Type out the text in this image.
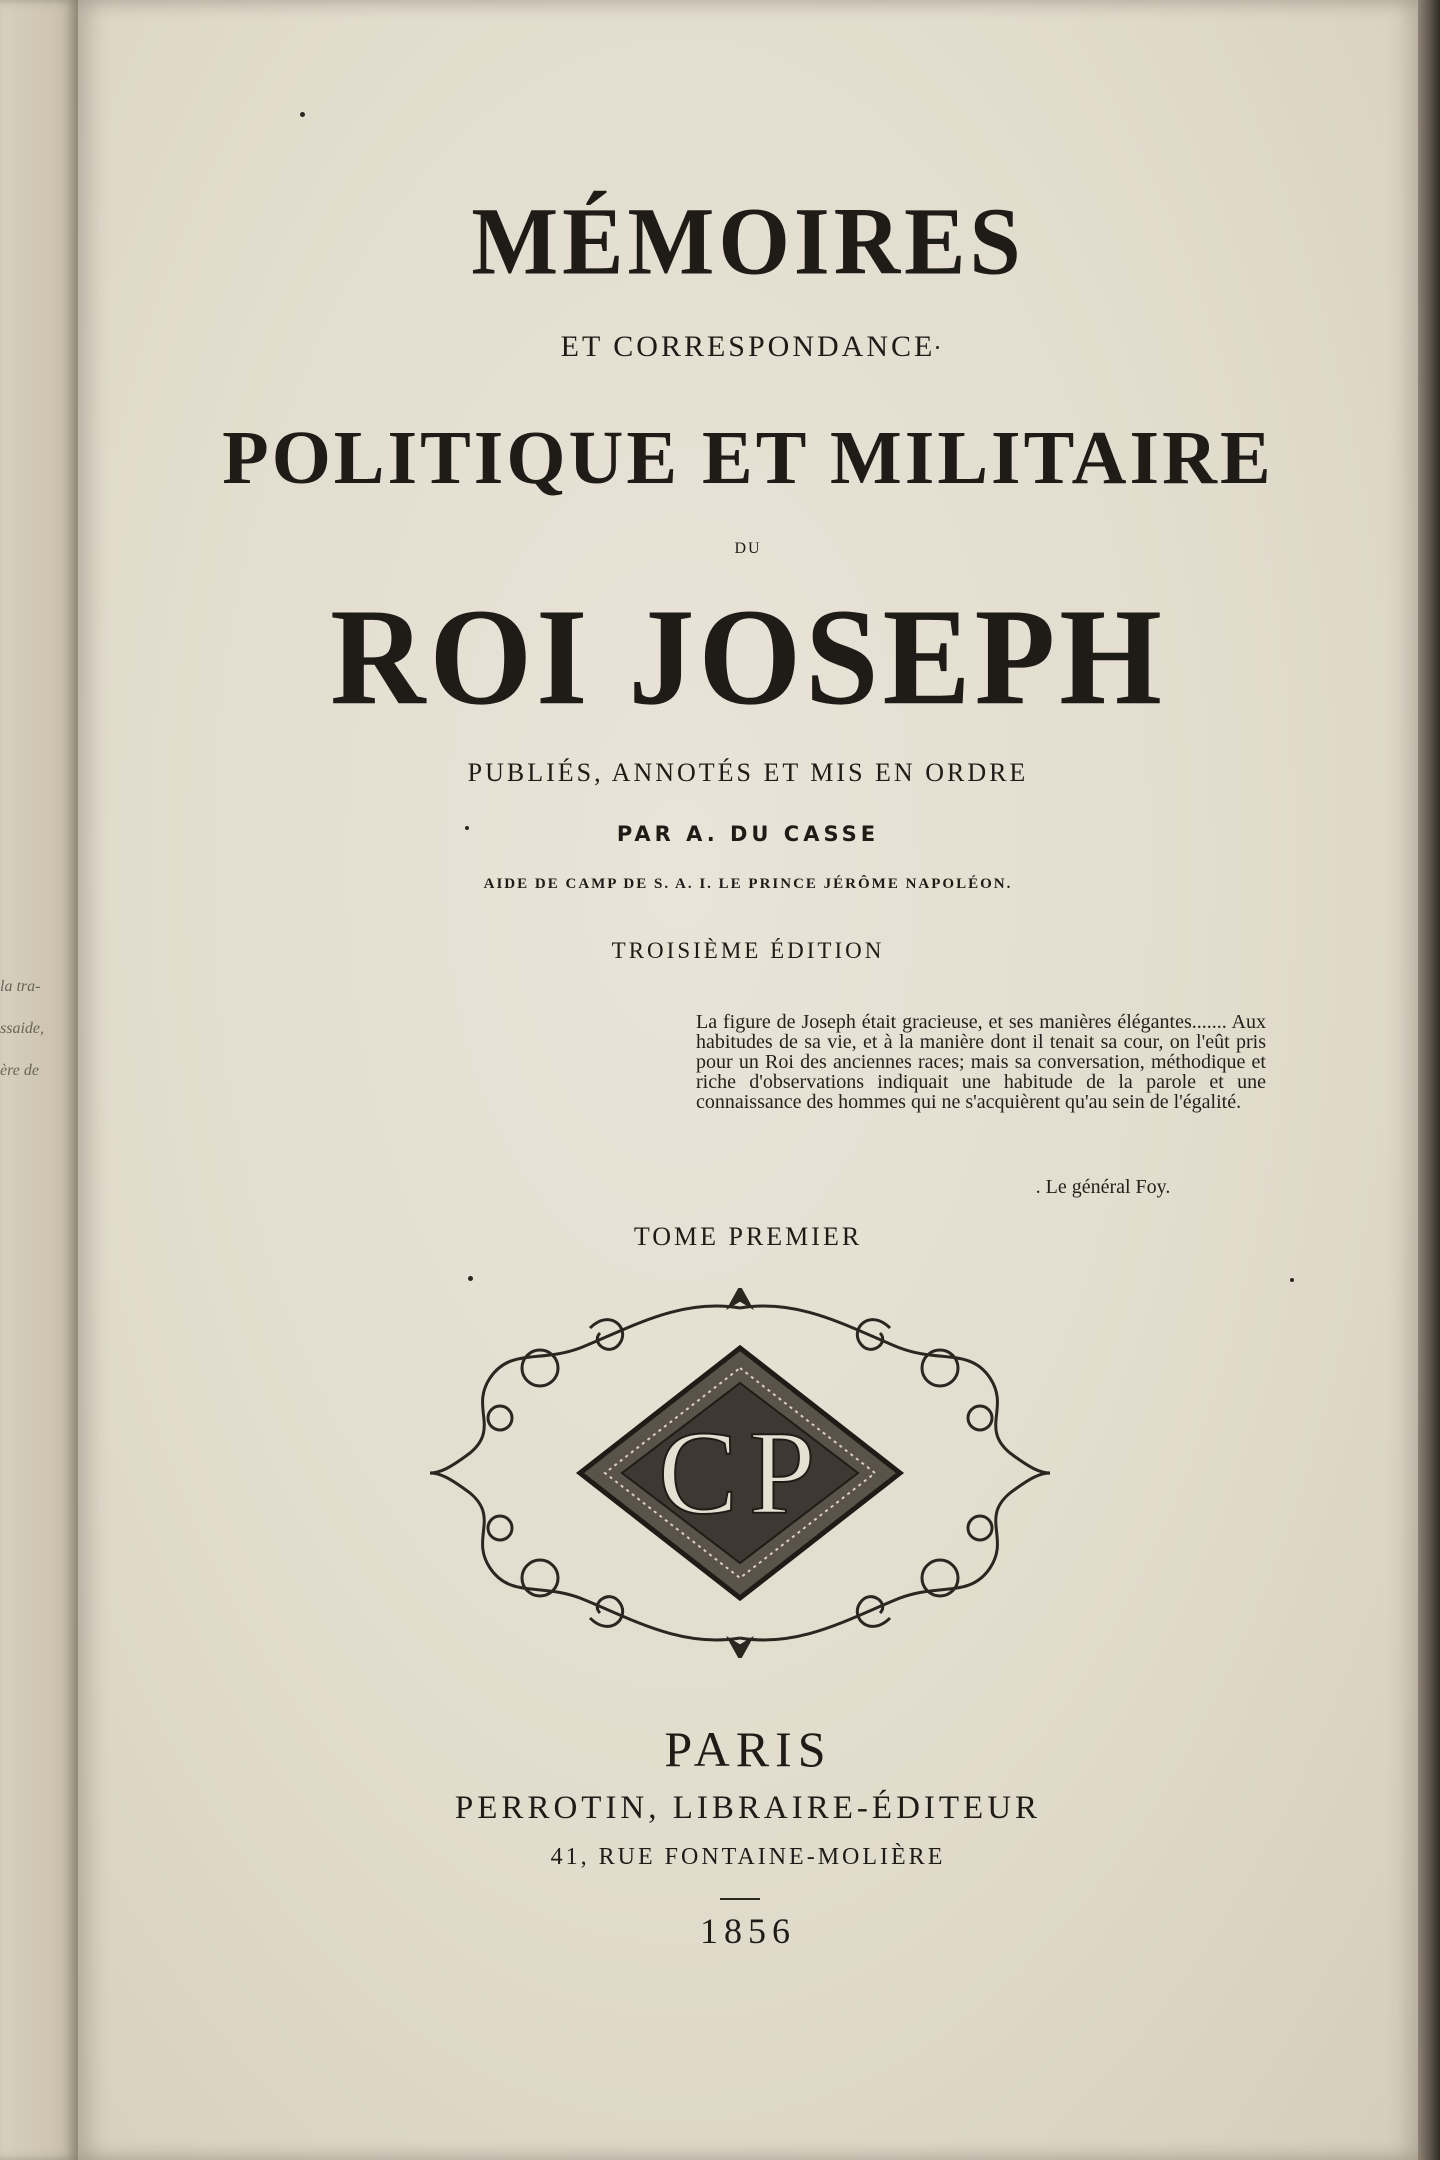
la tra-
ssaide,
ère de
MÉMOIRES
ET CORRESPONDANCE
POLITIQUE ET MILITAIRE
DU
ROI JOSEPH
PUBLIÉS, ANNOTÉS ET MIS EN ORDRE
PAR A. DU CASSE
AIDE DE CAMP DE S. A. I. LE PRINCE JÉRÔME NAPOLÉON.
TROISIÈME ÉDITION
La figure de Joseph était gracieuse, et ses manières élégantes....... Aux habitudes de sa vie, et à la manière dont il tenait sa cour, on l'eût pris pour un Roi des anciennes races; mais sa conversation, méthodique et riche d'observations indiquait une habitude de la parole et une connaissance des hommes qui ne s'acquièrent qu'au sein de l'égalité.
. Le général Foy.
TOME PREMIER
C P
PARIS
PERROTIN, LIBRAIRE-ÉDITEUR
41, RUE FONTAINE-MOLIÈRE
1856
